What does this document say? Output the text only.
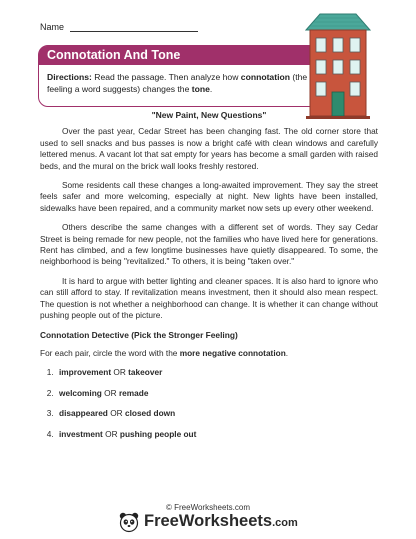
Name
Connotation And Tone
Directions: Read the passage. Then analyze how connotation (the feeling a word suggests) changes the tone.

"New Paint, New Questions"

Over the past year, Cedar Street has been changing fast. The old corner store that used to sell snacks and bus passes is now a bright café with clean windows and carefully lettered menus. A vacant lot that sat empty for years has become a small garden with raised beds, and the mural on the brick wall looks freshly restored.

Some residents call these changes a long-awaited improvement. They say the street feels safer and more welcoming, especially at night. New lights have been installed, sidewalks have been repaired, and a community market now sets up every other weekend.

Others describe the same changes with a different set of words. They say Cedar Street is being remade for new people, not the families who have lived here for generations. Rent has climbed, and a few longtime businesses have quietly disappeared. To some, the neighborhood is being "revitalized." To others, it is being "taken over."

It is hard to argue with better lighting and cleaner spaces. It is also hard to ignore who can still afford to stay. If revitalization means investment, then it should also mean respect. The question is not whether a neighborhood can change. It is whether it can change without pushing people out of the picture.

Connotation Detective (Pick the Stronger Feeling)

For each pair, circle the word with the more negative connotation.

1. improvement OR takeover
2. welcoming OR remade
3. disappeared OR closed down
4. investment OR pushing people out
© FreeWorksheets.com
FreeWorksheets.com
